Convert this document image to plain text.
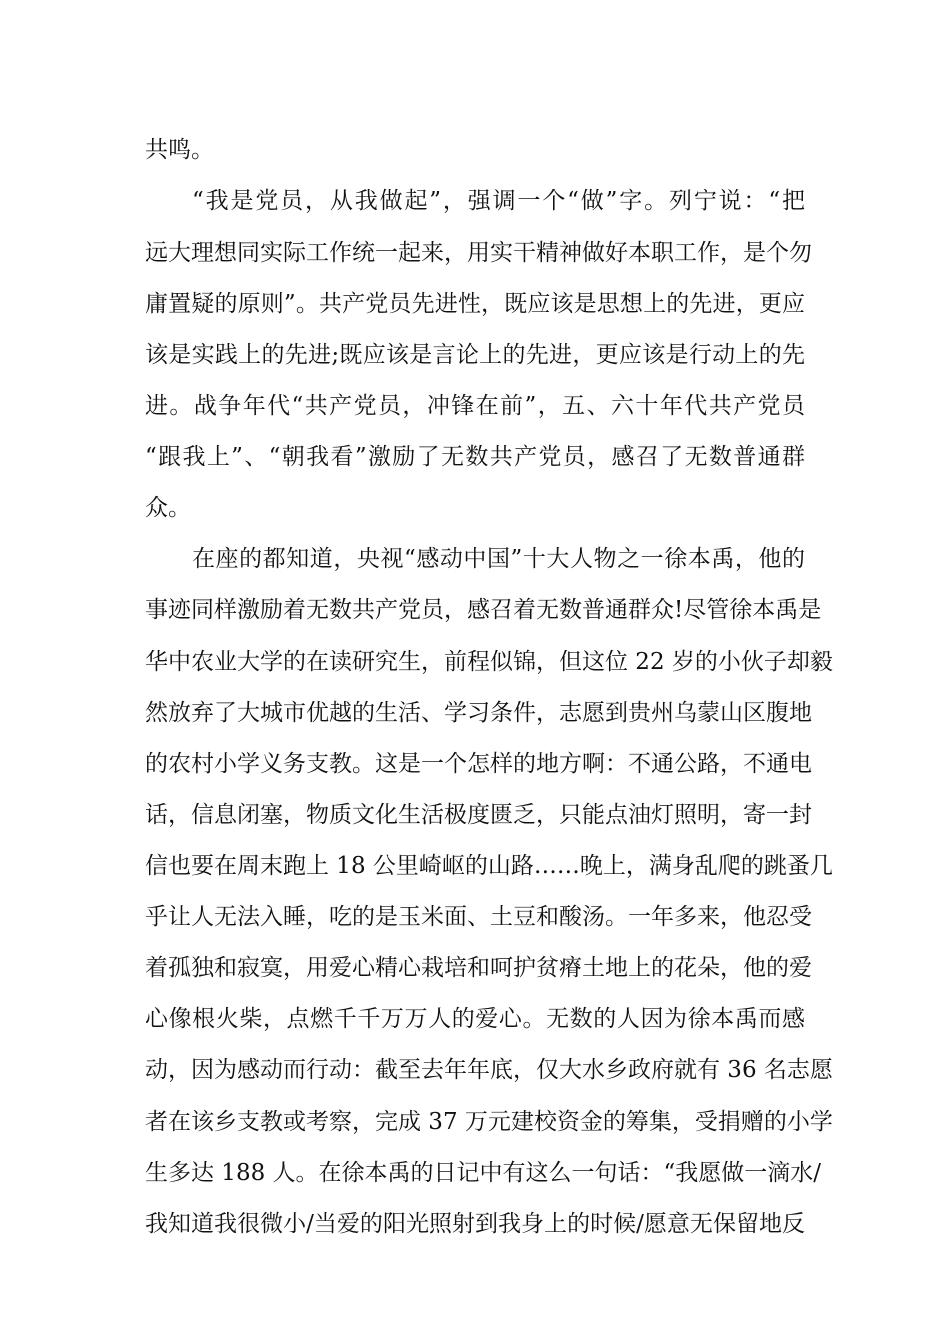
共鸣。
“我是党员，从我做起”，强调一个“做”字。列宁说：“把
远大理想同实际工作统一起来，用实干精神做好本职工作，是个勿
庸置疑的原则”。共产党员先进性，既应该是思想上的先进，更应
该是实践上的先进;既应该是言论上的先进，更应该是行动上的先
进。战争年代“共产党员，冲锋在前”，五、六十年代共产党员
“跟我上”、“朝我看”激励了无数共产党员，感召了无数普通群
众。
在座的都知道，央视“感动中国”十大人物之一徐本禹，他的
事迹同样激励着无数共产党员，感召着无数普通群众!尽管徐本禹是
华中农业大学的在读研究生，前程似锦，但这位 22 岁的小伙子却毅
然放弃了大城市优越的生活、学习条件，志愿到贵州乌蒙山区腹地
的农村小学义务支教。这是一个怎样的地方啊：不通公路，不通电
话，信息闭塞，物质文化生活极度匮乏，只能点油灯照明，寄一封
信也要在周末跑上 18 公里崎岖的山路……晚上，满身乱爬的跳蚤几
乎让人无法入睡，吃的是玉米面、土豆和酸汤。一年多来，他忍受
着孤独和寂寞，用爱心精心栽培和呵护贫瘠土地上的花朵，他的爱
心像根火柴，点燃千千万万人的爱心。无数的人因为徐本禹而感
动，因为感动而行动：截至去年年底，仅大水乡政府就有 36 名志愿
者在该乡支教或考察，完成 37 万元建校资金的筹集，受捐赠的小学
生多达 188 人。在徐本禹的日记中有这么一句话：“我愿做一滴水/
我知道我很微小/当爱的阳光照射到我身上的时候/愿意无保留地反
